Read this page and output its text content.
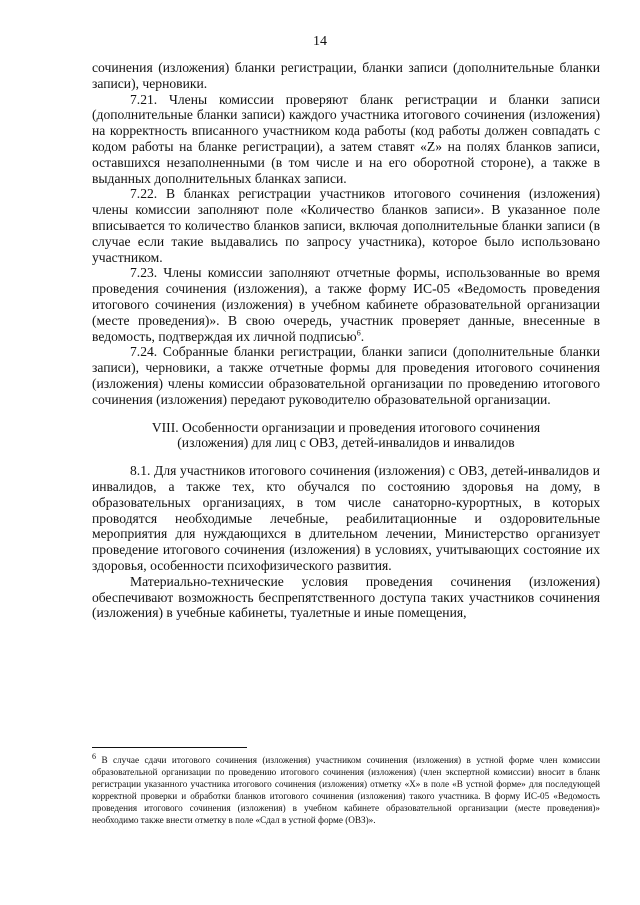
14

сочинения (изложения) бланки регистрации, бланки записи (дополнительные бланки записи), черновики.

7.21. Члены комиссии проверяют бланк регистрации и бланки записи (дополнительные бланки записи) каждого участника итогового сочинения (изложения) на корректность вписанного участником кода работы (код работы должен совпадать с кодом работы на бланке регистрации), а затем ставят «Z» на полях бланков записи, оставшихся незаполненными (в том числе и на его оборотной стороне), а также в выданных дополнительных бланках записи.

7.22. В бланках регистрации участников итогового сочинения (изложения) члены комиссии заполняют поле «Количество бланков записи». В указанное поле вписывается то количество бланков записи, включая дополнительные бланки записи (в случае если такие выдавались по запросу участника), которое было использовано участником.

7.23. Члены комиссии заполняют отчетные формы, использованные во время проведения сочинения (изложения), а также форму ИС-05 «Ведомость проведения итогового сочинения (изложения) в учебном кабинете образовательной организации (месте проведения)». В свою очередь, участник проверяет данные, внесенные в ведомость, подтверждая их личной подписью$^6$.

7.24. Собранные бланки регистрации, бланки записи (дополнительные бланки записи), черновики, а также отчетные формы для проведения итогового сочинения (изложения) члены комиссии образовательной организации по проведению итогового сочинения (изложения) передают руководителю образовательной организации.

VIII. Особенности организации и проведения итогового сочинения
(изложения) для лиц с ОВЗ, детей-инвалидов и инвалидов

8.1. Для участников итогового сочинения (изложения) с ОВЗ, детей-инвалидов и инвалидов, а также тех, кто обучался по состоянию здоровья на дому, в образовательных организациях, в том числе санаторно-курортных, в которых проводятся необходимые лечебные, реабилитационные и оздоровительные мероприятия для нуждающихся в длительном лечении, Министерство организует проведение итогового сочинения (изложения) в условиях, учитывающих состояние их здоровья, особенности психофизического развития.

Материально-технические условия проведения сочинения (изложения) обеспечивают возможность беспрепятственного доступа таких участников сочинения (изложения) в учебные кабинеты, туалетные и иные помещения,

$^6$ В случае сдачи итогового сочинения (изложения) участником сочинения (изложения) в устной форме член комиссии образовательной организации по проведению итогового сочинения (изложения) (член экспертной комиссии) вносит в бланк регистрации указанного участника итогового сочинения (изложения) отметку «X» в поле «В устной форме» для последующей корректной проверки и обработки бланков итогового сочинения (изложения) такого участника. В форму ИС-05 «Ведомость проведения итогового сочинения (изложения) в учебном кабинете образовательной организации (месте проведения)» необходимо также внести отметку в поле «Сдал в устной форме (ОВЗ)».
